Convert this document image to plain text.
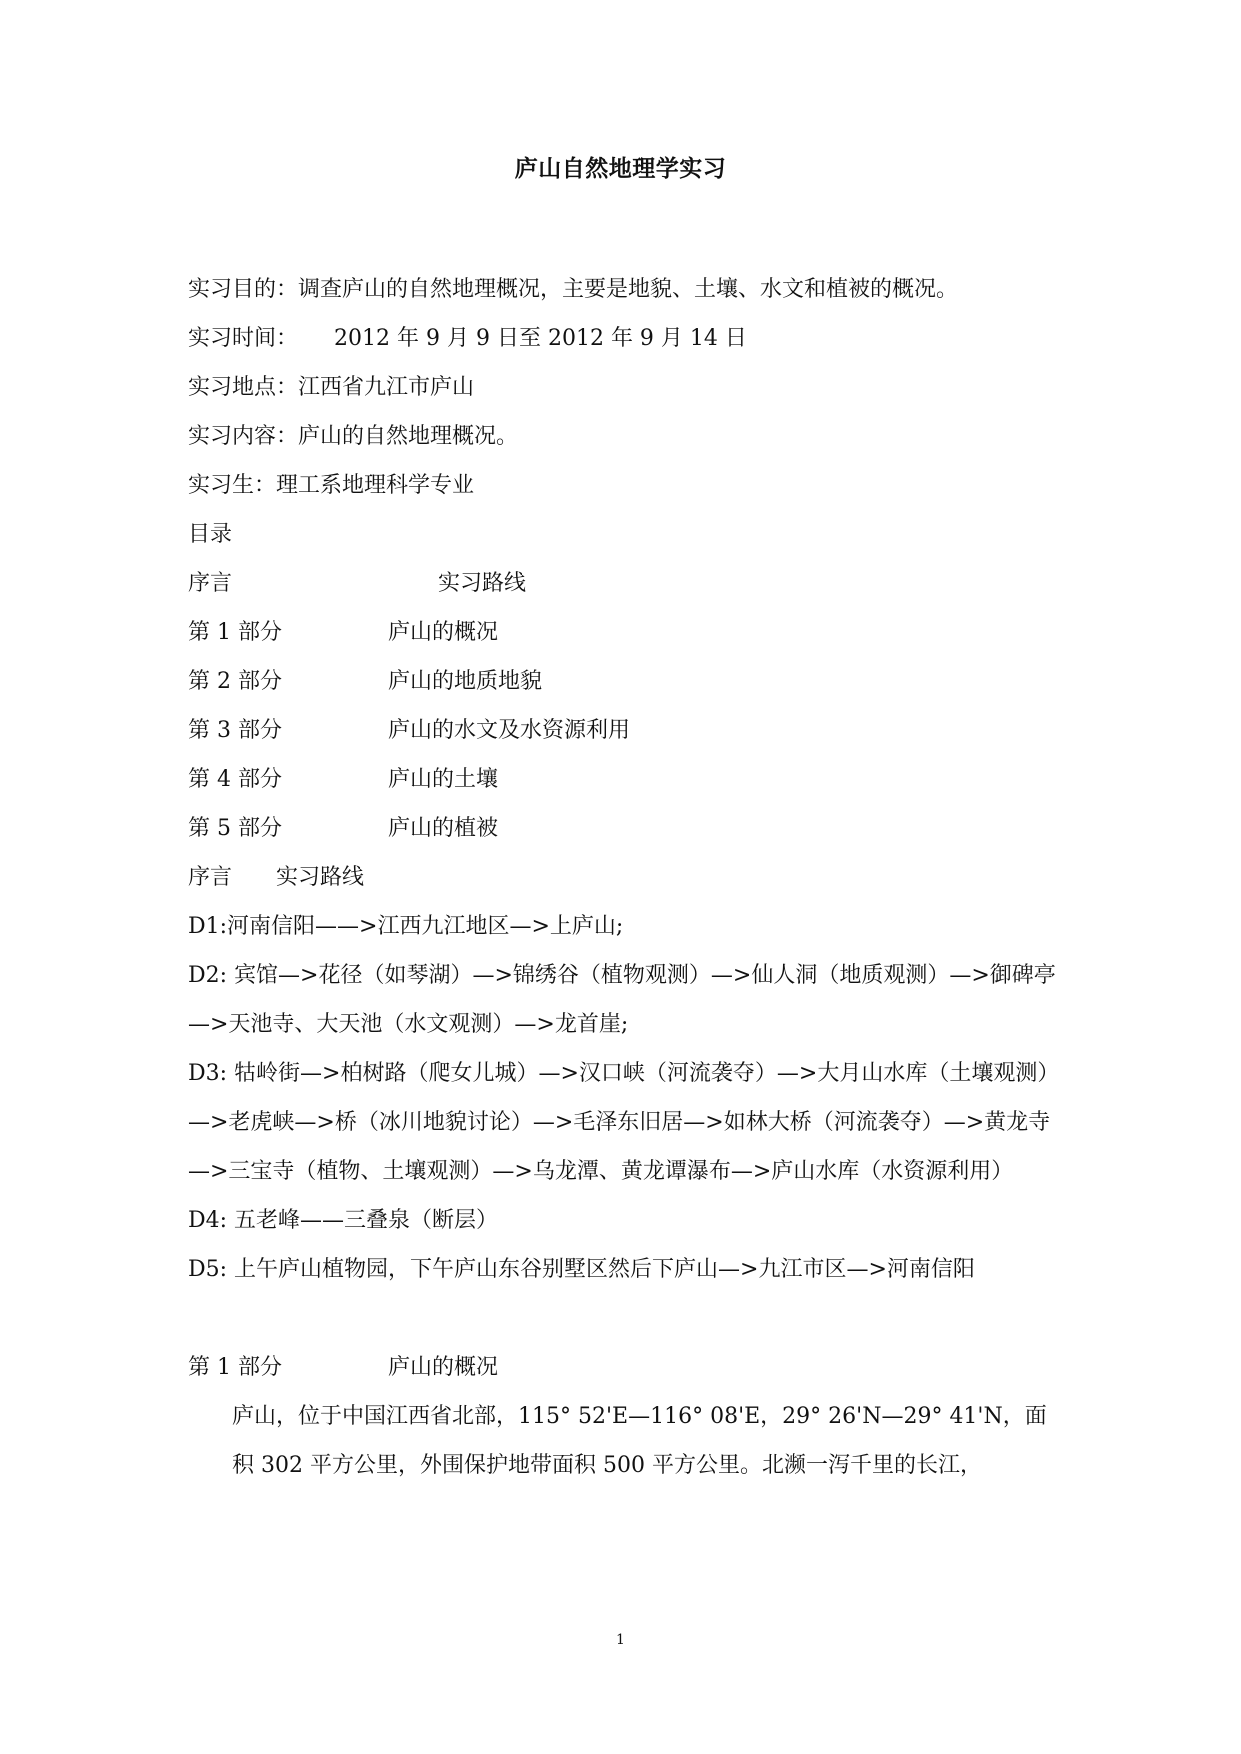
庐山自然地理学实习
实习目的：调查庐山的自然地理概况，主要是地貌、土壤、水文和植被的概况。
实习时间： 2012 年 9 月 9 日至 2012 年 9 月 14 日
实习地点：江西省九江市庐山
实习内容：庐山的自然地理概况。
实习生：理工系地理科学专业
目录
序言	实习路线
第 1 部分	庐山的概况
第 2 部分	庐山的地质地貌
第 3 部分	庐山的水文及水资源利用
第 4 部分	庐山的土壤
第 5 部分	庐山的植被
序言 实习路线
D1:河南信阳——>江西九江地区—>上庐山;
D2: 宾馆—>花径（如琴湖）—>锦绣谷（植物观测）—>仙人洞（地质观测）—>御碑亭—>天池寺、大天池（水文观测）—>龙首崖;
D3: 牯岭街—>柏树路（爬女儿城）—>汉口峡（河流袭夺）—>大月山水库（土壤观测）—>老虎峡—>桥（冰川地貌讨论）—>毛泽东旧居—>如林大桥（河流袭夺）—>黄龙寺—>三宝寺（植物、土壤观测）—>乌龙潭、黄龙谭瀑布—>庐山水库（水资源利用）
D4: 五老峰——三叠泉（断层）
D5: 上午庐山植物园，下午庐山东谷别墅区然后下庐山—>九江市区—>河南信阳
第 1 部分	庐山的概况
庐山，位于中国江西省北部，115° 52'E—116° 08'E，29° 26'N—29° 41'N，面积 302 平方公里，外围保护地带面积 500 平方公里。北濒一泻千里的长江，
1
